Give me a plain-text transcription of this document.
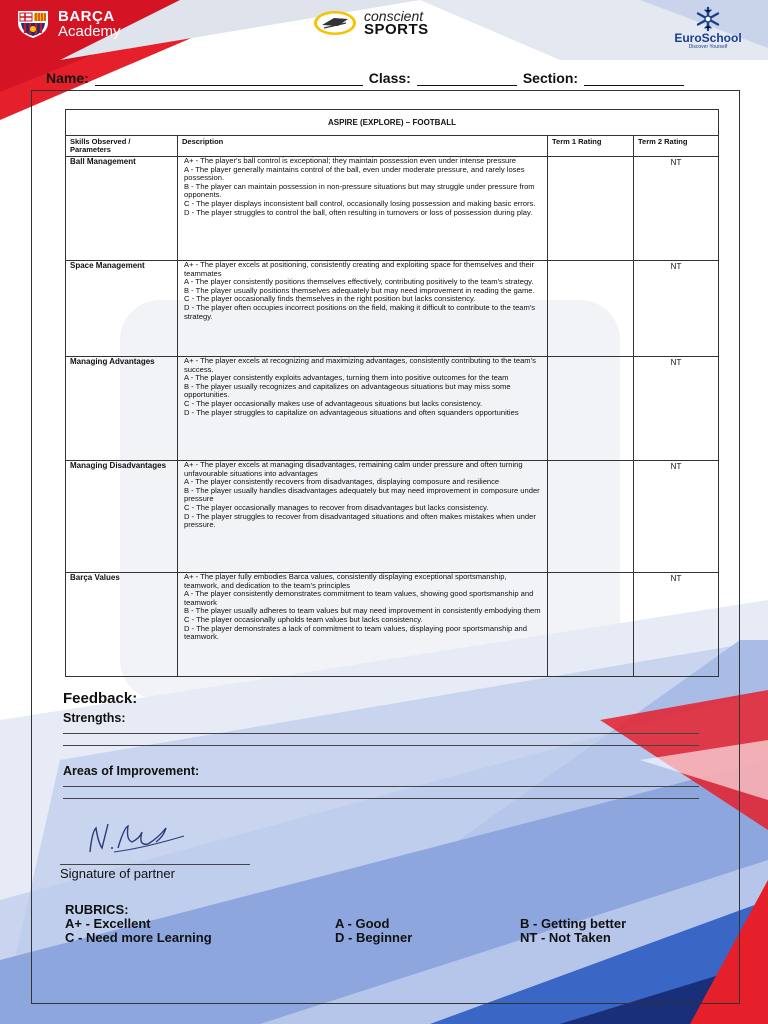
BARÇA
Academy
conscient
SPORTS	EuroSchool
Discover Yourself
Name:	Class:	Section:
ASPIRE (EXPLORE) – FOOTBALL			
Skills Observed / Parameters	Description	Term 1 Rating	Term 2 Rating
Ball Management	A+ - The player's ball control is exceptional; they maintain possession even under intense pressure
A - The player generally maintains control of the ball, even under moderate pressure, and rarely loses possession.
B - The player can maintain possession in non-pressure situations but may struggle under pressure from opponents.
C - The player displays inconsistent ball control, occasionally losing possession and making basic errors.
D - The player struggles to control the ball, often resulting in turnovers or loss of possession during play.		NT
Space Management	A+ - The player excels at positioning, consistently creating and exploiting space for themselves and their teammates
A - The player consistently positions themselves effectively, contributing positively to the team's strategy.
B - The player usually positions themselves adequately but may need improvement in reading the game.
C - The player occasionally finds themselves in the right position but lacks consistency.
D - The player often occupies incorrect positions on the field, making it difficult to contribute to the team's strategy.		NT
Managing Advantages	A+ - The player excels at recognizing and maximizing advantages, consistently contributing to the team's success.
A - The player consistently exploits advantages, turning them into positive outcomes for the team
B - The player usually recognizes and capitalizes on advantageous situations but may miss some opportunities.
C - The player occasionally makes use of advantageous situations but lacks consistency.
D - The player struggles to capitalize on advantageous situations and often squanders opportunities		NT
Managing Disadvantages	A+ - The player excels at managing disadvantages, remaining calm under pressure and often turning unfavourable situations into advantages
A - The player consistently recovers from disadvantages, displaying composure and resilience
B - The player usually handles disadvantages adequately but may need improvement in composure under pressure
C - The player occasionally manages to recover from disadvantages but lacks consistency.
D - The player struggles to recover from disadvantaged situations and often makes mistakes when under pressure.		NT
Barça Values	A+ - The player fully embodies Barca values, consistently displaying exceptional sportsmanship, teamwork, and dedication to the team's principles
A - The player consistently demonstrates commitment to team values, showing good sportsmanship and teamwork
B - The player usually adheres to team values but may need improvement in consistently embodying them
C - The player occasionally upholds team values but lacks consistency.
D - The player demonstrates a lack of commitment to team values, displaying poor sportsmanship and teamwork.		NT
Feedback:
Strengths:
Areas of Improvement:
Signature of partner
RUBRICS:
A+ - Excellent	A - Good	B - Getting better
C - Need more Learning	D - Beginner	NT - Not Taken
